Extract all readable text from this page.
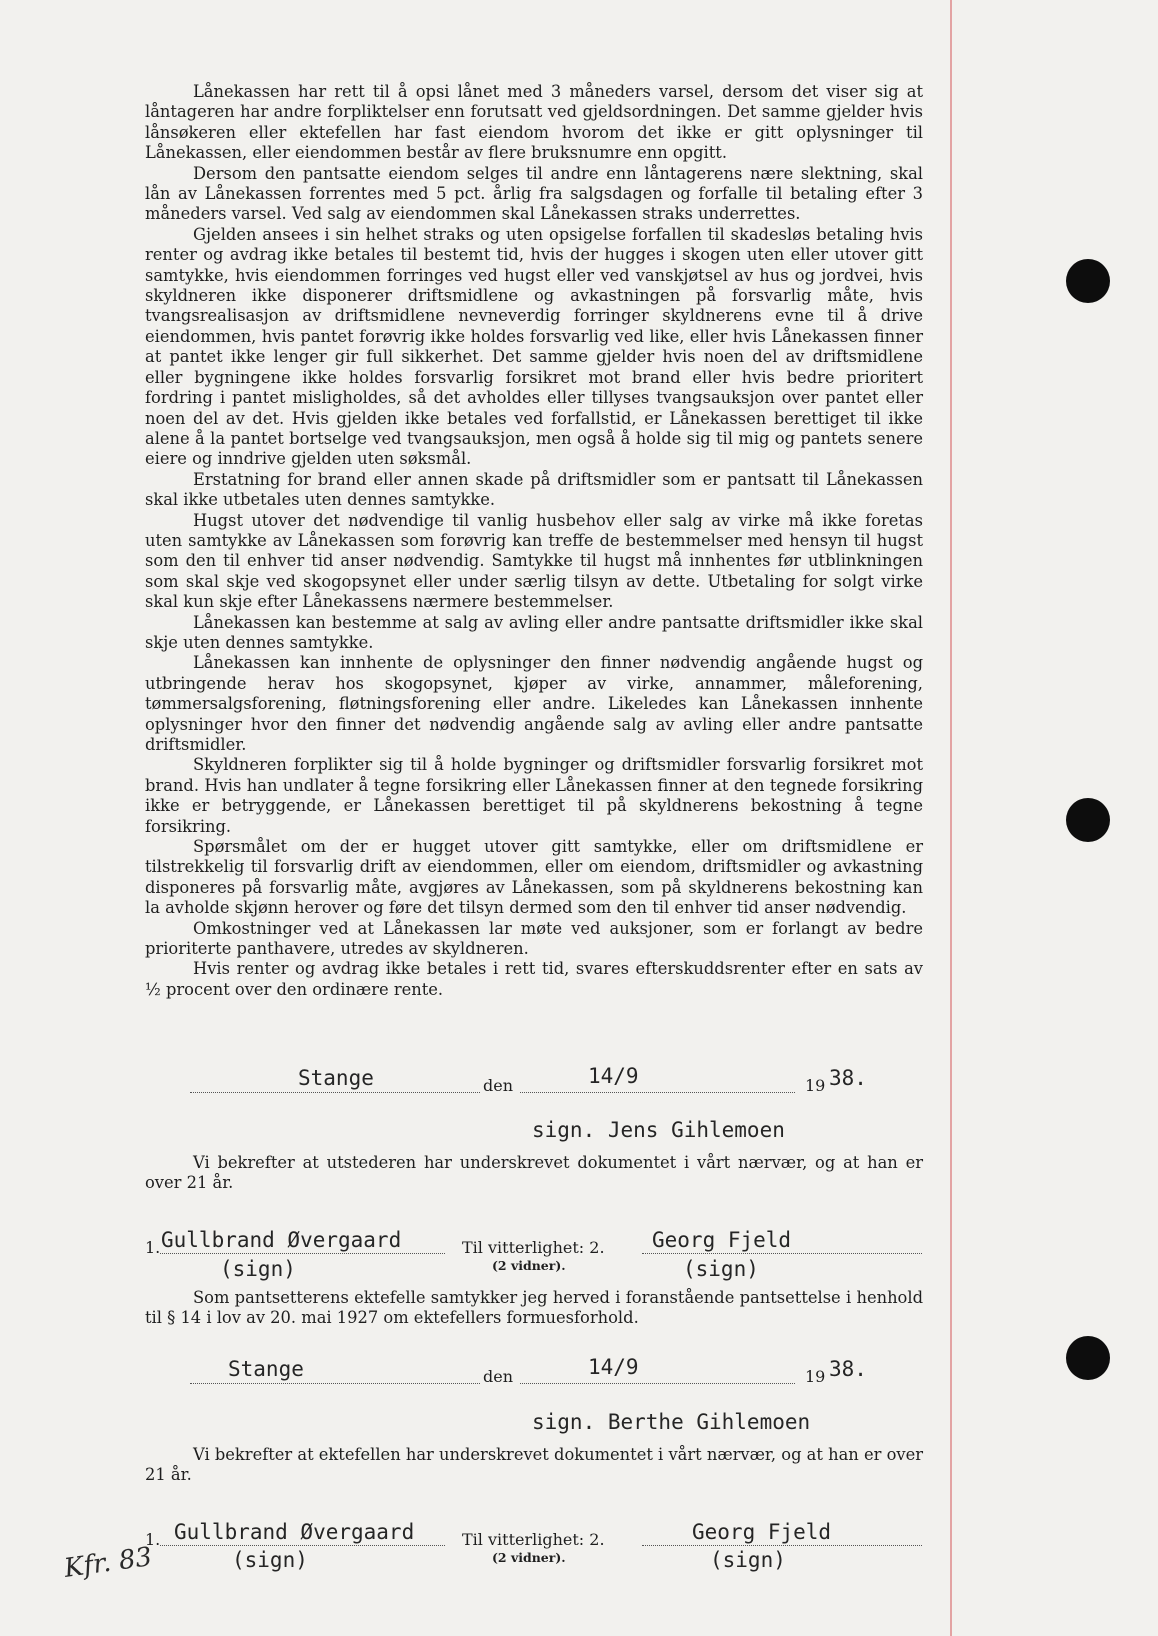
Lånekassen har rett til å opsi lånet med 3 måneders varsel, dersom det viser sig at låntageren har andre forpliktelser enn forutsatt ved gjeldsordningen. Det samme gjelder hvis lånsøkeren eller ektefellen har fast eiendom hvorom det ikke er gitt oplysninger til Lånekassen, eller eiendommen består av flere bruksnumre enn opgitt.

Dersom den pantsatte eiendom selges til andre enn låntagerens nære slektning, skal lån av Lånekassen forrentes med 5 pct. årlig fra salgsdagen og forfalle til betaling efter 3 måneders varsel. Ved salg av eiendommen skal Lånekassen straks underrettes.

Gjelden ansees i sin helhet straks og uten opsigelse forfallen til skadesløs betaling hvis renter og avdrag ikke betales til bestemt tid, hvis der hugges i skogen uten eller utover gitt samtykke, hvis eiendommen forringes ved hugst eller ved vanskjøtsel av hus og jordvei, hvis skyldneren ikke disponerer driftsmidlene og avkastningen på forsvarlig måte, hvis tvangsrealisasjon av driftsmidlene nevneverdig forringer skyldnerens evne til å drive eiendommen, hvis pantet forøvrig ikke holdes forsvarlig ved like, eller hvis Lånekassen finner at pantet ikke lenger gir full sikkerhet. Det samme gjelder hvis noen del av driftsmidlene eller bygningene ikke holdes forsvarlig forsikret mot brand eller hvis bedre prioritert fordring i pantet misligholdes, så det avholdes eller tillyses tvangsauksjon over pantet eller noen del av det. Hvis gjelden ikke betales ved forfallstid, er Lånekassen berettiget til ikke alene å la pantet bortselge ved tvangsauksjon, men også å holde sig til mig og pantets senere eiere og inndrive gjelden uten søksmål.

Erstatning for brand eller annen skade på driftsmidler som er pantsatt til Lånekassen skal ikke utbetales uten dennes samtykke.

Hugst utover det nødvendige til vanlig husbehov eller salg av virke må ikke foretas uten samtykke av Lånekassen som forøvrig kan treffe de bestemmelser med hensyn til hugst som den til enhver tid anser nødvendig. Samtykke til hugst må innhentes før utblinkningen som skal skje ved skogopsynet eller under særlig tilsyn av dette. Utbetaling for solgt virke skal kun skje efter Lånekassens nærmere bestemmelser.

Lånekassen kan bestemme at salg av avling eller andre pantsatte driftsmidler ikke skal skje uten dennes samtykke.

Lånekassen kan innhente de oplysninger den finner nødvendig angående hugst og utbringende herav hos skogopsynet, kjøper av virke, annammer, måleforening, tømmersalgsforening, fløtningsforening eller andre. Likeledes kan Lånekassen innhente oplysninger hvor den finner det nødvendig angående salg av avling eller andre pantsatte driftsmidler.

Skyldneren forplikter sig til å holde bygninger og driftsmidler forsvarlig forsikret mot brand. Hvis han undlater å tegne forsikring eller Lånekassen finner at den tegnede forsikring ikke er betryggende, er Lånekassen berettiget til på skyldnerens bekostning å tegne forsikring.

Spørsmålet om der er hugget utover gitt samtykke, eller om driftsmidlene er tilstrekkelig til forsvarlig drift av eiendommen, eller om eiendom, driftsmidler og avkastning disponeres på forsvarlig måte, avgjøres av Lånekassen, som på skyldnerens bekostning kan la avholde skjønn herover og føre det tilsyn dermed som den til enhver tid anser nødvendig.

Omkostninger ved at Lånekassen lar møte ved auksjoner, som er forlangt av bedre prioriterte panthavere, utredes av skyldneren.

Hvis renter og avdrag ikke betales i rett tid, svares efterskuddsrenter efter en sats av ½ procent over den ordinære rente.

Stange	den	14/9	19 38.
sign. Jens Gihlemoen

Vi bekrefter at utstederen har underskrevet dokumentet i vårt nærvær, og at han er over 21 år.

1. Gullbrand Øvergaard	Til vitterlighet: 2.
(2 vidner).
Georg Fjeld
(sign)	(sign)

Som pantsetterens ektefelle samtykker jeg herved i foranstående pantsettelse i henhold til § 14 i lov av 20. mai 1927 om ektefellers formuesforhold.

Stange	den	14/9	19 38.
sign. Berthe Gihlemoen

Vi bekrefter at ektefellen har underskrevet dokumentet i vårt nærvær, og at han er over 21 år.

1. Gullbrand Øvergaard	Til vitterlighet: 2.
(2 vidner).
Georg Fjeld
(sign)	(sign)
Kfr. 83
